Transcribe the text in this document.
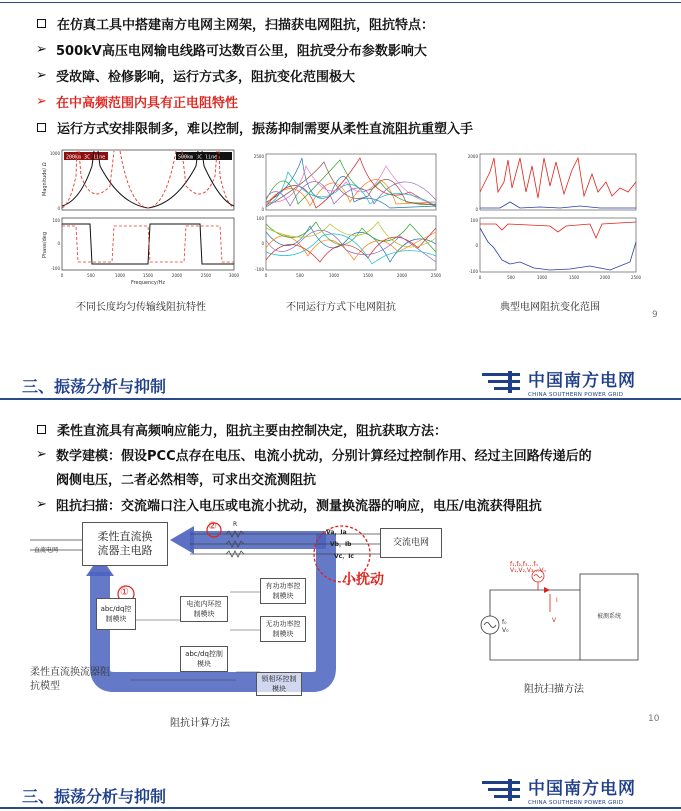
在仿真工具中搭建南方电网主网架，扫描获电网阻抗，阻抗特点：
➢ 500kV高压电网输电线路可达数百公里，阻抗受分布参数影响大
➢ 受故障、检修影响，运行方式多，阻抗变化范围极大
➢ 在中高频范围内具有正电阻特性
运行方式安排限制多，难以控制，振荡抑制需要从柔性直流阻抗重塑入手
200km 3C line	500km 3C line
Magnitude/ Ω
Phase/deg
1000
0
100
0
-100
0	500	1000	1500	2000	2500	3000
Frequency/Hz
2500
0
100
0
-100
0	500	1000	1500	2000	2500
2000
0
100
0
-100
0	500	1000	1500	2000	2500
不同长度均匀传输线阻抗特性	不同运行方式下电网阻抗	典型电网阻抗变化范围
9
三、振荡分析与抑制	中国南方电网
CHINA SOUTHERN POWER GRID
柔性直流具有高频响应能力，阻抗主要由控制决定，阻抗获取方法：
➢ 数学建模：假设PCC点存在电压、电流小扰动，分别计算经过控制作用、经过主回路传递后的
阀侧电压，二者必然相等，可求出交流测阻抗
➢ 阻抗扫描：交流端口注入电压或电流小扰动，测量换流器的响应，电压/电流获得阻抗
直流电网
柔性直流换流器主电路
交流电网
R
②
Va，Ia
Vb，Ib
Vc，Ic
小扰动
①
abc/dq控制模块
电流内环控制模块
有功功率控制模块
无功功率控制模块
abc/dq控制模块
锁相环控制模块
柔性直流换流器阻抗模型
阻抗计算方法
f₁,f₂,f₃…fₙ
V₁,V₂,V₃…Vₙ
f₀
V₀
I
V
被测系统
阻抗扫描方法
10
三、振荡分析与抑制	中国南方电网
CHINA SOUTHERN POWER GRID
